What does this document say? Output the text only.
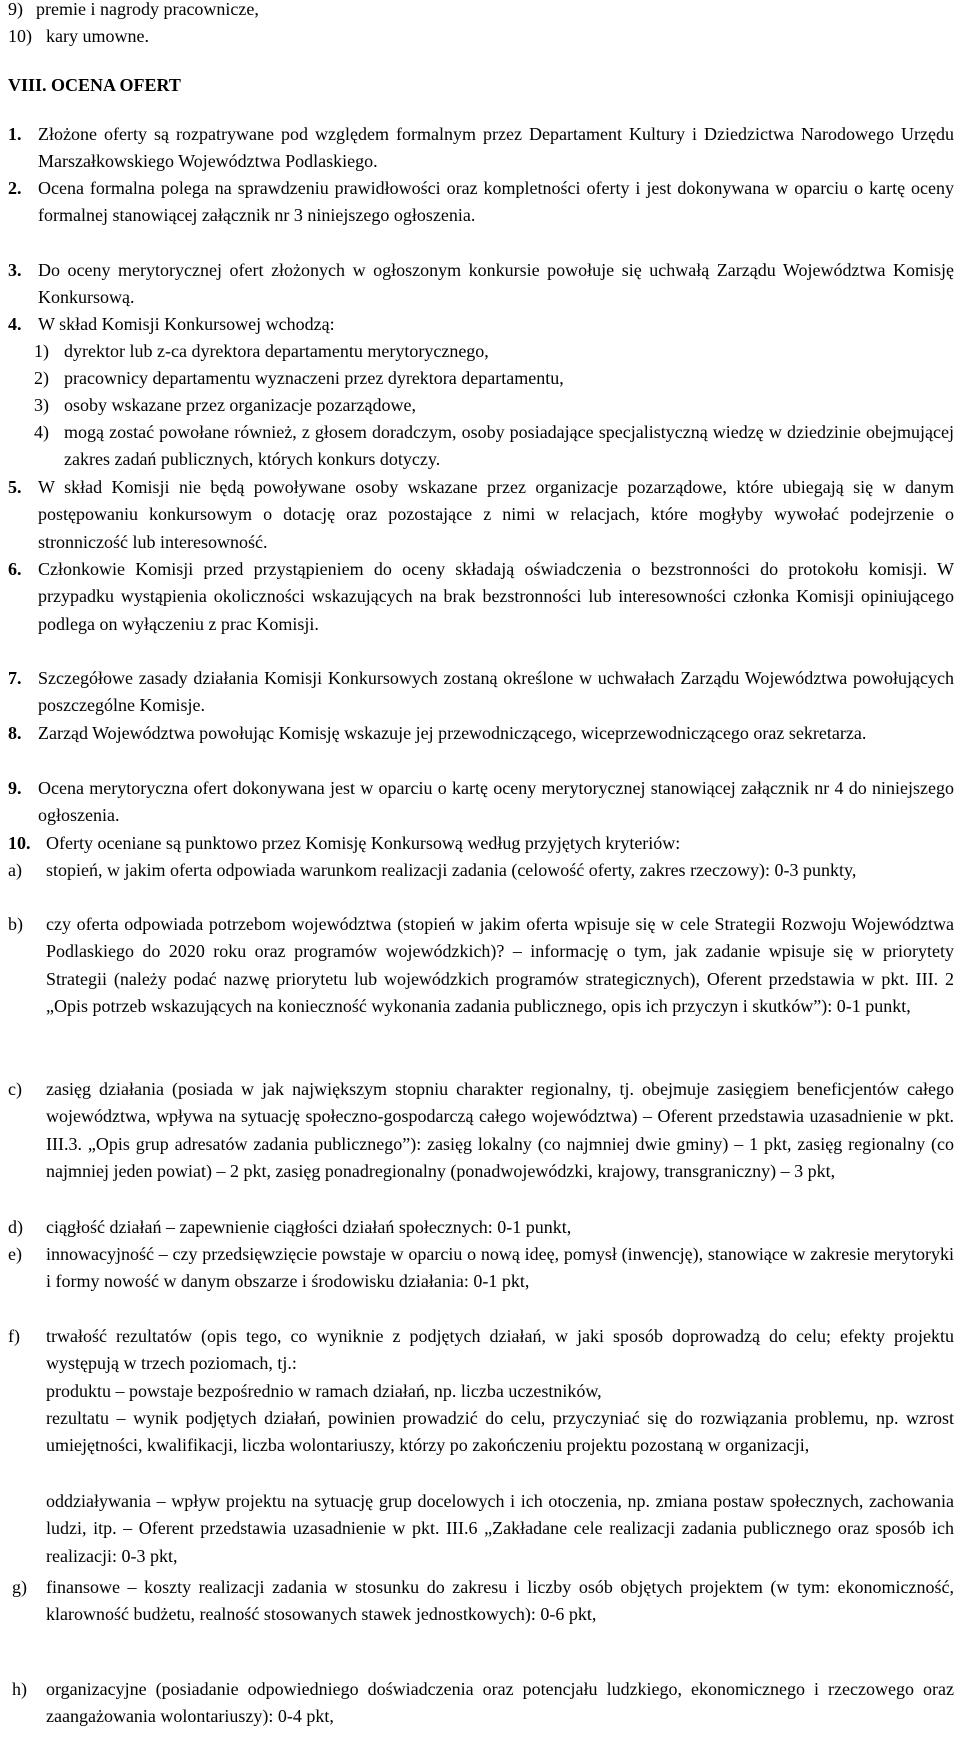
9) premie i nagrody pracownicze,
10) kary umowne.
VIII. OCENA OFERT
1. Złożone oferty są rozpatrywane pod względem formalnym przez Departament Kultury i Dziedzictwa Narodowego Urzędu Marszałkowskiego Województwa Podlaskiego.
2. Ocena formalna polega na sprawdzeniu prawidłowości oraz kompletności oferty i jest dokonywana w oparciu o kartę oceny formalnej stanowiącej załącznik nr 3 niniejszego ogłoszenia.
3. Do oceny merytorycznej ofert złożonych w ogłoszonym konkursie powołuje się uchwałą Zarządu Województwa Komisję Konkursową.
4. W skład Komisji Konkursowej wchodzą:
1) dyrektor lub z-ca dyrektora departamentu merytorycznego,
2) pracownicy departamentu wyznaczeni przez dyrektora departamentu,
3) osoby wskazane przez organizacje pozarządowe,
4) mogą zostać powołane również, z głosem doradczym, osoby posiadające specjalistyczną wiedzę w dziedzinie obejmującej zakres zadań publicznych, których konkurs dotyczy.
5. W skład Komisji nie będą powoływane osoby wskazane przez organizacje pozarządowe, które ubiegają się w danym postępowaniu konkursowym o dotację oraz pozostające z nimi w relacjach, które mogłyby wywołać podejrzenie o stronniczość lub interesowność.
6. Członkowie Komisji przed przystąpieniem do oceny składają oświadczenia o bezstronności do protokołu komisji. W przypadku wystąpienia okoliczności wskazujących na brak bezstronności lub interesowności członka Komisji opiniującego podlega on wyłączeniu z prac Komisji.
7. Szczegółowe zasady działania Komisji Konkursowych zostaną określone w uchwałach Zarządu Województwa powołujących poszczególne Komisje.
8. Zarząd Województwa powołując Komisję wskazuje jej przewodniczącego, wiceprzewodniczącego oraz sekretarza.
9. Ocena merytoryczna ofert dokonywana jest w oparciu o kartę oceny merytorycznej stanowiącej załącznik nr 4 do niniejszego ogłoszenia.
10. Oferty oceniane są punktowo przez Komisję Konkursową według przyjętych kryteriów:
a) stopień, w jakim oferta odpowiada warunkom realizacji zadania (celowość oferty, zakres rzeczowy): 0-3 punkty,
b) czy oferta odpowiada potrzebom województwa (stopień w jakim oferta wpisuje się w cele Strategii Rozwoju Województwa Podlaskiego do 2020 roku oraz programów wojewódzkich)? – informację o tym, jak zadanie wpisuje się w priorytety Strategii (należy podać nazwę priorytetu lub wojewódzkich programów strategicznych), Oferent przedstawia w pkt. III. 2 „Opis potrzeb wskazujących na konieczność wykonania zadania publicznego, opis ich przyczyn i skutków”): 0-1 punkt,
c) zasięg działania (posiada w jak największym stopniu charakter regionalny, tj. obejmuje zasięgiem beneficjentów całego województwa, wpływa na sytuację społeczno-gospodarczą całego województwa) – Oferent przedstawia uzasadnienie w pkt. III.3. „Opis grup adresatów zadania publicznego”): zasięg lokalny (co najmniej dwie gminy) – 1 pkt, zasięg regionalny (co najmniej jeden powiat) – 2 pkt, zasięg ponadregionalny (ponadwojewódzki, krajowy, transgraniczny) – 3 pkt,
d) ciągłość działań – zapewnienie ciągłości działań społecznych: 0-1 punkt,
e) innowacyjność – czy przedsięwzięcie powstaje w oparciu o nową ideę, pomysł (inwencję), stanowiące w zakresie merytoryki i formy nowość w danym obszarze i środowisku działania: 0-1 pkt,
f) trwałość rezultatów (opis tego, co wyniknie z podjętych działań, w jaki sposób doprowadzą do celu; efekty projektu występują w trzech poziomach, tj.:
produktu – powstaje bezpośrednio w ramach działań, np. liczba uczestników,
rezultatu – wynik podjętych działań, powinien prowadzić do celu, przyczyniać się do rozwiązania problemu, np. wzrost umiejętności, kwalifikacji, liczba wolontariuszy, którzy po zakończeniu projektu pozostaną w organizacji,
oddziaływania – wpływ projektu na sytuację grup docelowych i ich otoczenia, np. zmiana postaw społecznych, zachowania ludzi, itp. – Oferent przedstawia uzasadnienie w pkt. III.6 „Zakładane cele realizacji zadania publicznego oraz sposób ich realizacji: 0-3 pkt,
g) finansowe – koszty realizacji zadania w stosunku do zakresu i liczby osób objętych projektem (w tym: ekonomiczność, klarowność budżetu, realność stosowanych stawek jednostkowych): 0-6 pkt,
h) organizacyjne (posiadanie odpowiedniego doświadczenia oraz potencjału ludzkiego, ekonomicznego i rzeczowego oraz zaangażowania wolontariuszy): 0-4 pkt,
